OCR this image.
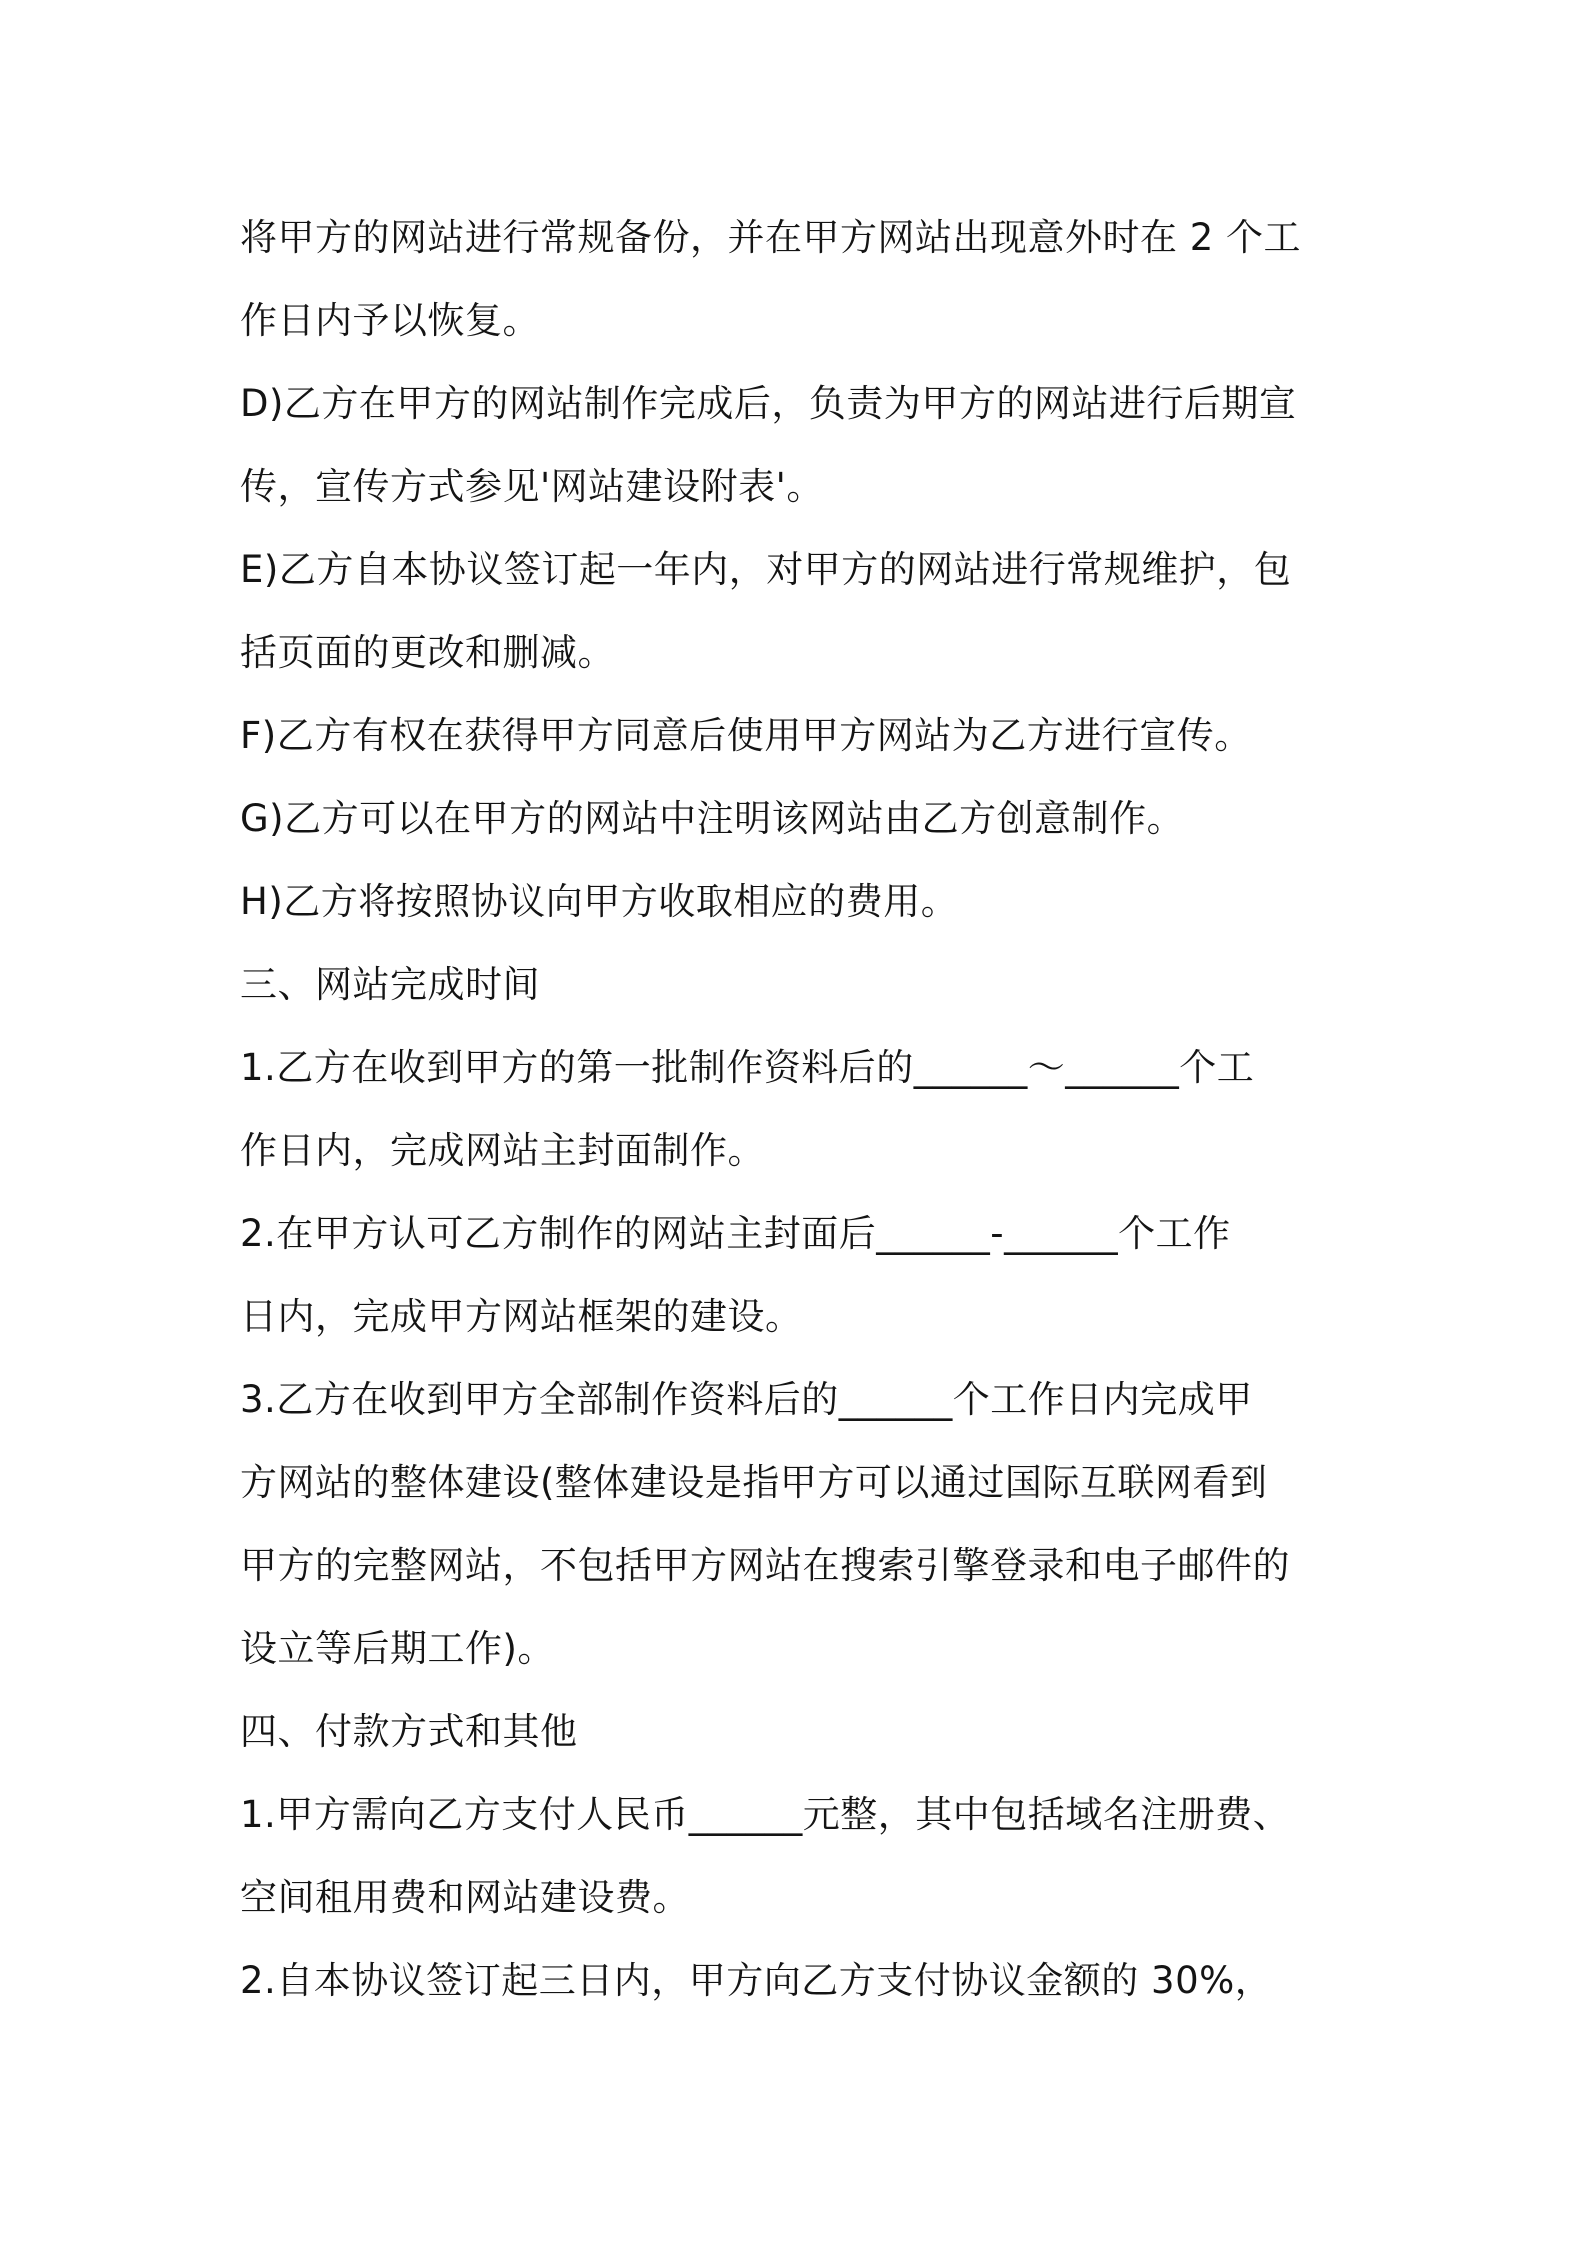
将甲方的网站进行常规备份，并在甲方网站出现意外时在 2 个工
作日内予以恢复。
D)乙方在甲方的网站制作完成后，负责为甲方的网站进行后期宣
传，宣传方式参见'网站建设附表'。
E)乙方自本协议签订起一年内，对甲方的网站进行常规维护，包
括页面的更改和删减。
F)乙方有权在获得甲方同意后使用甲方网站为乙方进行宣传。
G)乙方可以在甲方的网站中注明该网站由乙方创意制作。
H)乙方将按照协议向甲方收取相应的费用。
三、网站完成时间
1.乙方在收到甲方的第一批制作资料后的______～______个工
作日内，完成网站主封面制作。
2.在甲方认可乙方制作的网站主封面后______-______个工作
日内，完成甲方网站框架的建设。
3.乙方在收到甲方全部制作资料后的______个工作日内完成甲
方网站的整体建设(整体建设是指甲方可以通过国际互联网看到
甲方的完整网站，不包括甲方网站在搜索引擎登录和电子邮件的
设立等后期工作)。
四、付款方式和其他
1.甲方需向乙方支付人民币______元整，其中包括域名注册费、
空间租用费和网站建设费。
2.自本协议签订起三日内，甲方向乙方支付协议金额的 30%，
